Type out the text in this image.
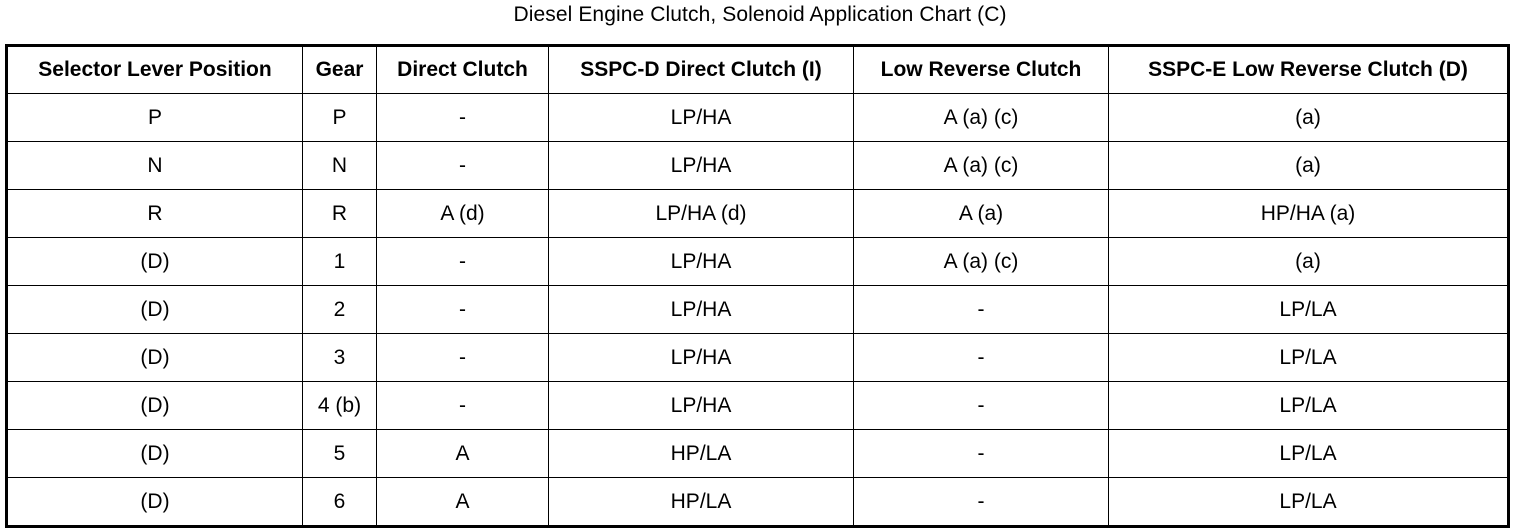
Diesel Engine Clutch, Solenoid Application Chart (C)
Selector Lever Position	Gear	Direct Clutch	SSPC-D Direct Clutch (I)	Low Reverse Clutch	SSPC-E Low Reverse Clutch (D)
P	P	-	LP/HA	A (a) (c)	(a)
N	N	-	LP/HA	A (a) (c)	(a)
R	R	A (d)	LP/HA (d)	A (a)	HP/HA (a)
(D)	1	-	LP/HA	A (a) (c)	(a)
(D)	2	-	LP/HA	-	LP/LA
(D)	3	-	LP/HA	-	LP/LA
(D)	4 (b)	-	LP/HA	-	LP/LA
(D)	5	A	HP/LA	-	LP/LA
(D)	6	A	HP/LA	-	LP/LA
